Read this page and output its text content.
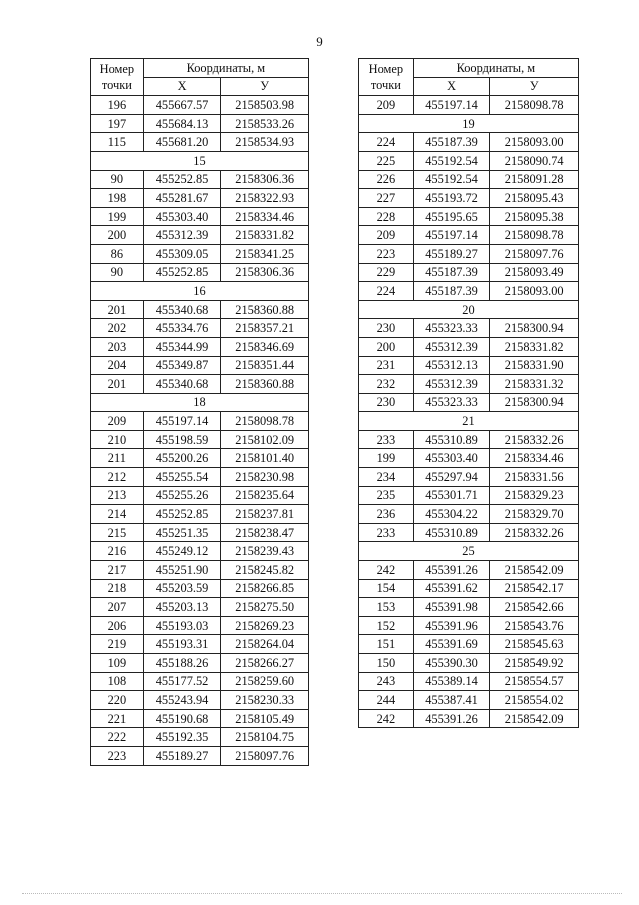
9
Номер
точки	Координаты, м	
	X	У
196	455667.57	2158503.98
197	455684.13	2158533.26
115	455681.20	2158534.93
15		
90	455252.85	2158306.36
198	455281.67	2158322.93
199	455303.40	2158334.46
200	455312.39	2158331.82
86	455309.05	2158341.25
90	455252.85	2158306.36
16		
201	455340.68	2158360.88
202	455334.76	2158357.21
203	455344.99	2158346.69
204	455349.87	2158351.44
201	455340.68	2158360.88
18		
209	455197.14	2158098.78
210	455198.59	2158102.09
211	455200.26	2158101.40
212	455255.54	2158230.98
213	455255.26	2158235.64
214	455252.85	2158237.81
215	455251.35	2158238.47
216	455249.12	2158239.43
217	455251.90	2158245.82
218	455203.59	2158266.85
207	455203.13	2158275.50
206	455193.03	2158269.23
219	455193.31	2158264.04
109	455188.26	2158266.27
108	455177.52	2158259.60
220	455243.94	2158230.33
221	455190.68	2158105.49
222	455192.35	2158104.75
223	455189.27	2158097.76
Номер
точки	Координаты, м	
	X	У
209	455197.14	2158098.78
19		
224	455187.39	2158093.00
225	455192.54	2158090.74
226	455192.54	2158091.28
227	455193.72	2158095.43
228	455195.65	2158095.38
209	455197.14	2158098.78
223	455189.27	2158097.76
229	455187.39	2158093.49
224	455187.39	2158093.00
20		
230	455323.33	2158300.94
200	455312.39	2158331.82
231	455312.13	2158331.90
232	455312.39	2158331.32
230	455323.33	2158300.94
21		
233	455310.89	2158332.26
199	455303.40	2158334.46
234	455297.94	2158331.56
235	455301.71	2158329.23
236	455304.22	2158329.70
233	455310.89	2158332.26
25		
242	455391.26	2158542.09
154	455391.62	2158542.17
153	455391.98	2158542.66
152	455391.96	2158543.76
151	455391.69	2158545.63
150	455390.30	2158549.92
243	455389.14	2158554.57
244	455387.41	2158554.02
242	455391.26	2158542.09
